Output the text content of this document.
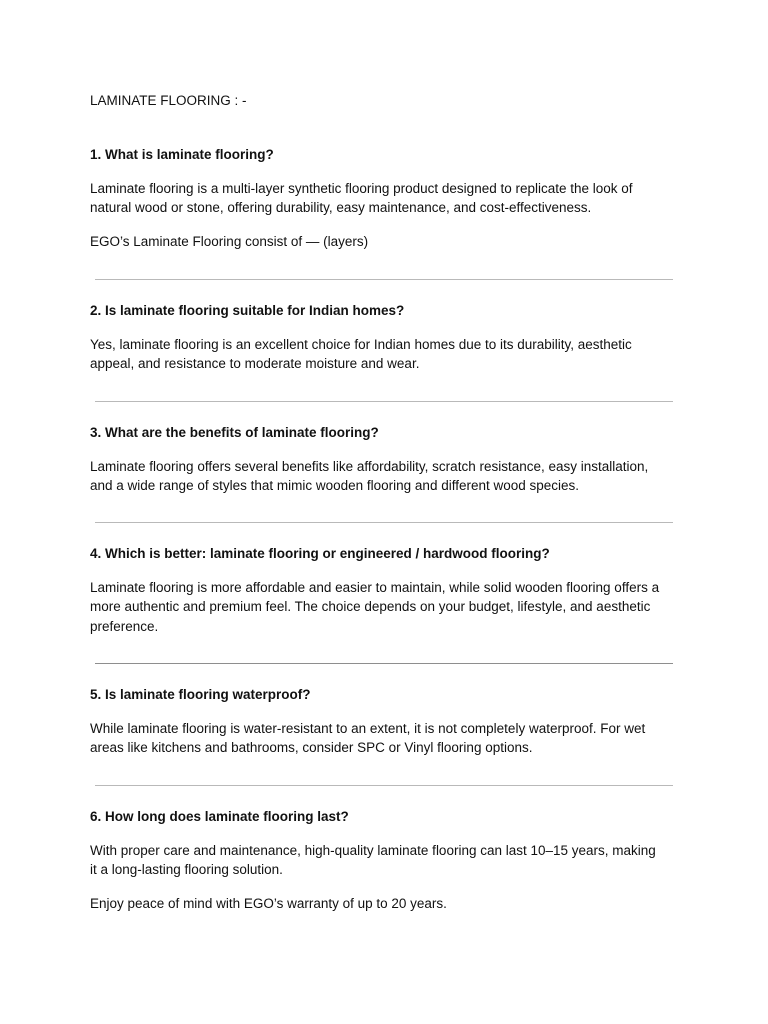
LAMINATE FLOORING : -

1. What is laminate flooring?

Laminate flooring is a multi-layer synthetic flooring product designed to replicate the look of

natural wood or stone, offering durability, easy maintenance, and cost-effectiveness.

EGO’s Laminate Flooring consist of — (layers)

2. Is laminate flooring suitable for Indian homes?

Yes, laminate flooring is an excellent choice for Indian homes due to its durability, aesthetic

appeal, and resistance to moderate moisture and wear.

3. What are the benefits of laminate flooring?

Laminate flooring offers several benefits like affordability, scratch resistance, easy installation,

and a wide range of styles that mimic wooden flooring and different wood species.

4. Which is better: laminate flooring or engineered / hardwood flooring?

Laminate flooring is more affordable and easier to maintain, while solid wooden flooring offers a

more authentic and premium feel. The choice depends on your budget, lifestyle, and aesthetic

preference.

5. Is laminate flooring waterproof?

While laminate flooring is water-resistant to an extent, it is not completely waterproof. For wet

areas like kitchens and bathrooms, consider SPC or Vinyl flooring options.

6. How long does laminate flooring last?

With proper care and maintenance, high-quality laminate flooring can last 10–15 years, making

it a long-lasting flooring solution.

Enjoy peace of mind with EGO’s warranty of up to 20 years.
